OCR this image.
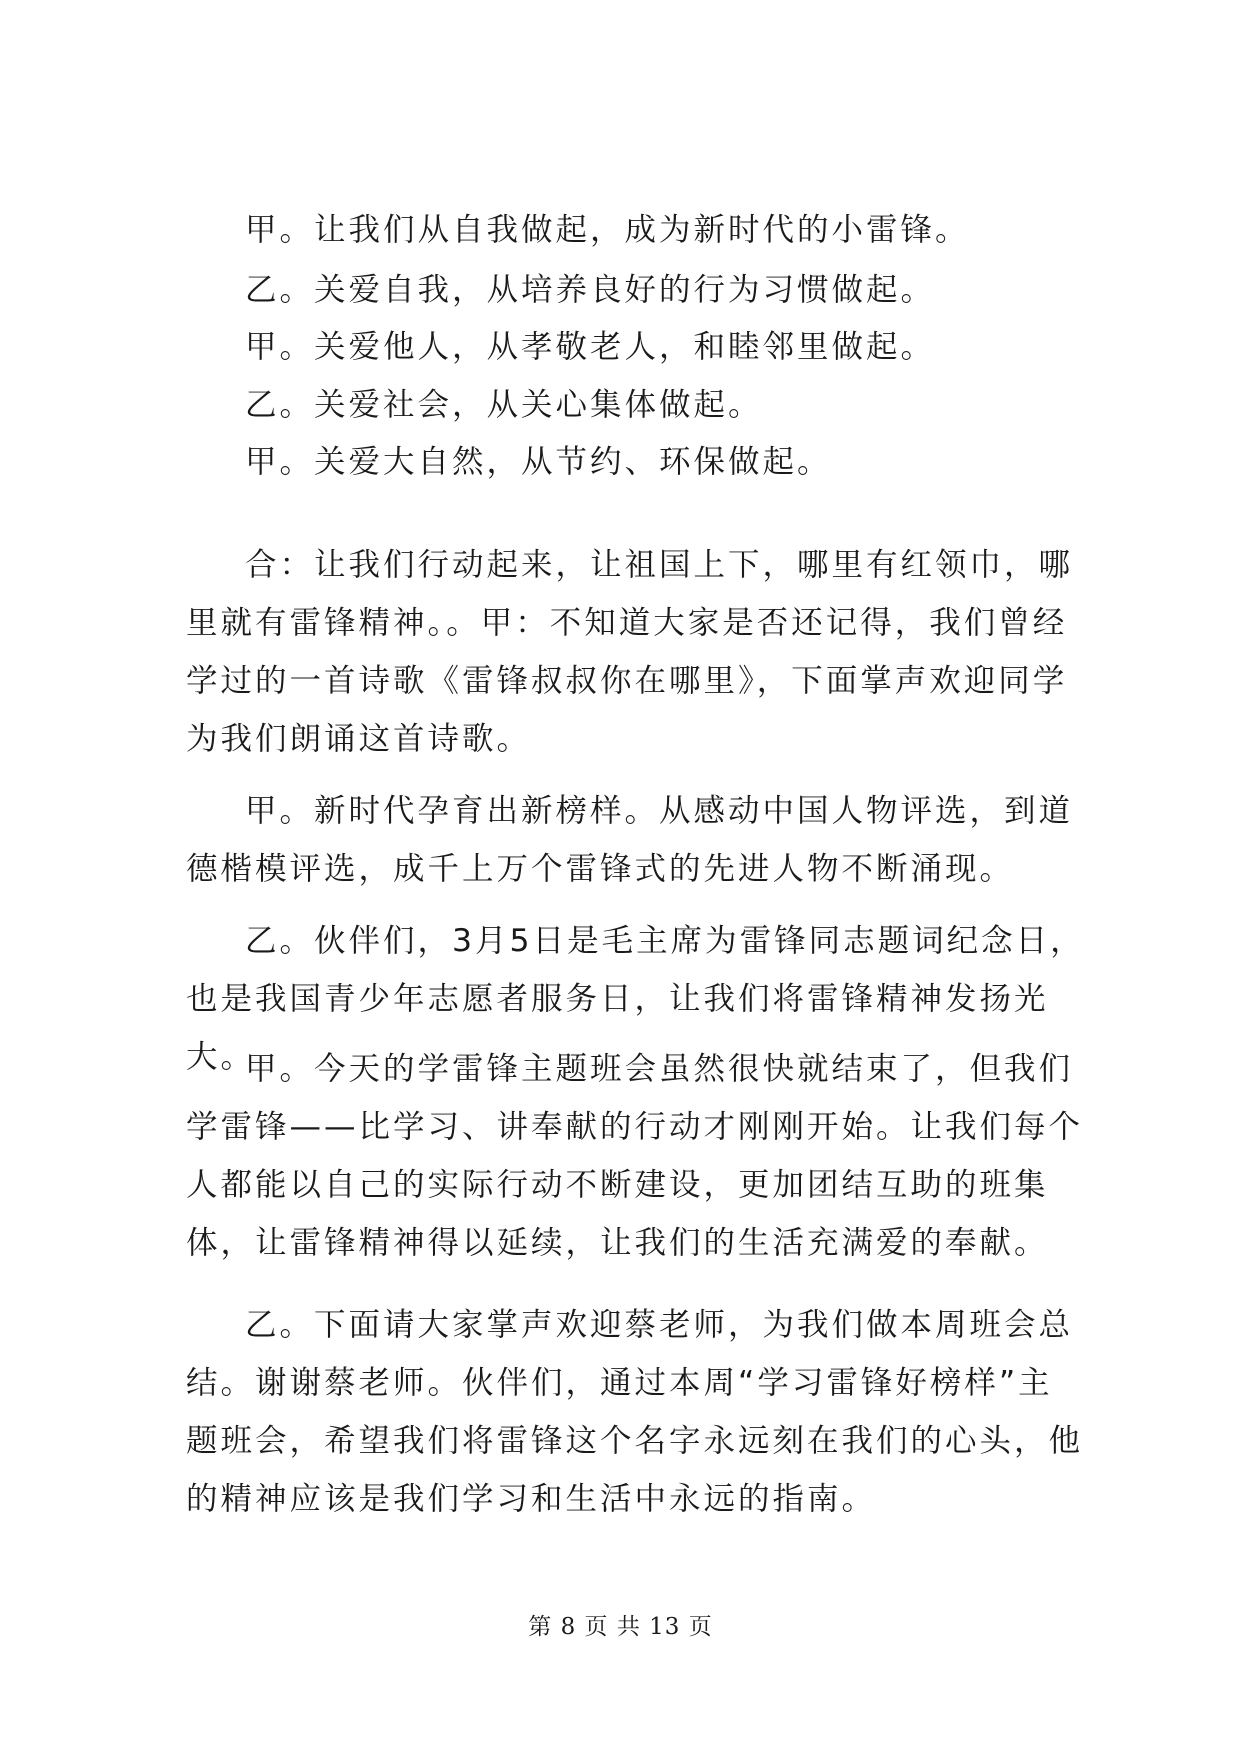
甲。让我们从自我做起，成为新时代的小雷锋。

乙。关爱自我，从培养良好的行为习惯做起。

甲。关爱他人，从孝敬老人，和睦邻里做起。

乙。关爱社会，从关心集体做起。

甲。关爱大自然，从节约、环保做起。

合：让我们行动起来，让祖国上下，哪里有红领巾，哪里就有雷锋精神。。甲：不知道大家是否还记得，我们曾经学过的一首诗歌《雷锋叔叔你在哪里》，下面掌声欢迎同学为我们朗诵这首诗歌。

甲。新时代孕育出新榜样。从感动中国人物评选，到道德楷模评选，成千上万个雷锋式的先进人物不断涌现。

乙。伙伴们，3月5日是毛主席为雷锋同志题词纪念日，也是我国青少年志愿者服务日，让我们将雷锋精神发扬光大。

甲。今天的学雷锋主题班会虽然很快就结束了，但我们学雷锋——比学习、讲奉献的行动才刚刚开始。让我们每个人都能以自己的实际行动不断建设，更加团结互助的班集体，让雷锋精神得以延续，让我们的生活充满爱的奉献。

乙。下面请大家掌声欢迎蔡老师，为我们做本周班会总结。谢谢蔡老师。伙伴们，通过本周“学习雷锋好榜样”主题班会，希望我们将雷锋这个名字永远刻在我们的心头，他的精神应该是我们学习和生活中永远的指南。

第 8 页 共 13 页
